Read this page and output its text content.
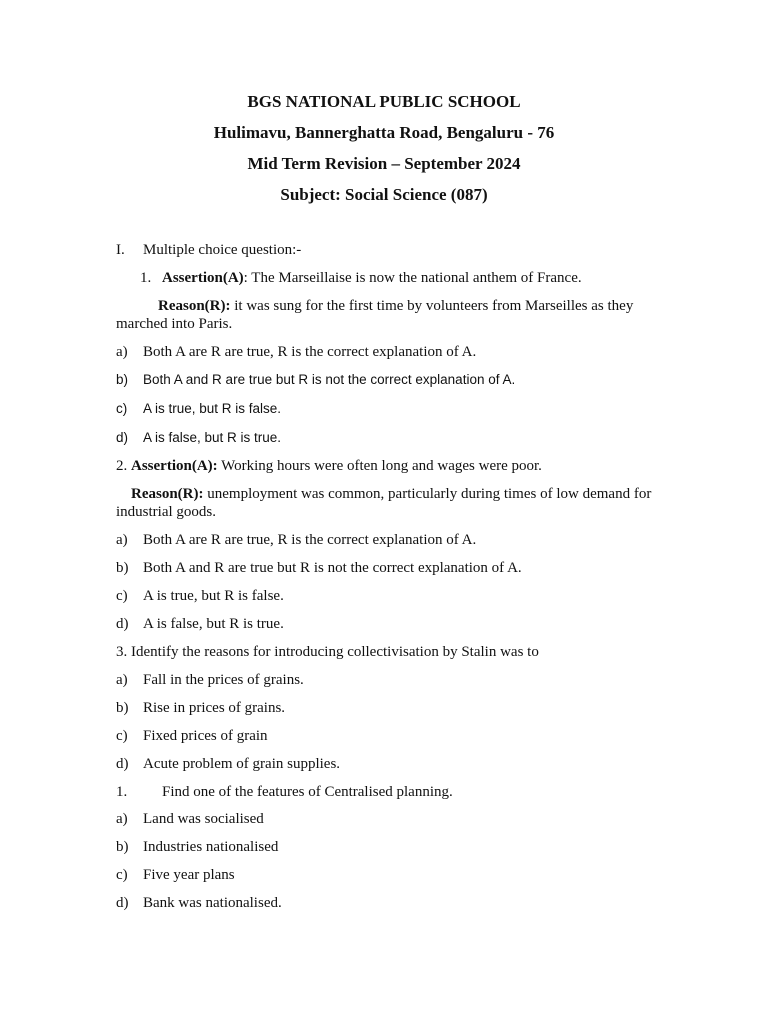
BGS NATIONAL PUBLIC SCHOOL

Hulimavu, Bannerghatta Road, Bengaluru - 76

Mid Term Revision – September 2024

Subject: Social Science (087)

I. Multiple choice question:-
1. Assertion(A): The Marseillaise is now the national anthem of France.
Reason(R): it was sung for the first time by volunteers from Marseilles as they marched into Paris.
a) Both A are R are true, R is the correct explanation of A.
b) Both A and R are true but R is not the correct explanation of A.
c) A is true, but R is false.
d) A is false, but R is true.
2. Assertion(A): Working hours were often long and wages were poor.
Reason(R): unemployment was common, particularly during times of low demand for industrial goods.
a) Both A are R are true, R is the correct explanation of A.
b) Both A and R are true but R is not the correct explanation of A.
c) A is true, but R is false.
d) A is false, but R is true.
3. Identify the reasons for introducing collectivisation by Stalin was to
a) Fall in the prices of grains.
b) Rise in prices of grains.
c) Fixed prices of grain
d) Acute problem of grain supplies.
1. Find one of the features of Centralised planning.
a) Land was socialised
b) Industries nationalised
c) Five year plans
d) Bank was nationalised.
